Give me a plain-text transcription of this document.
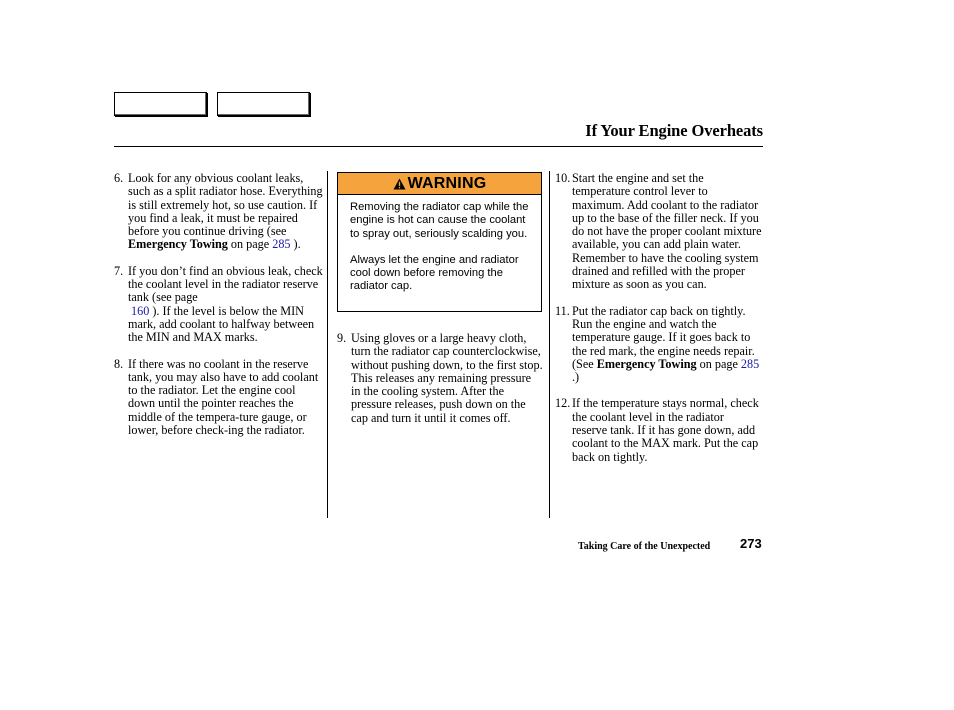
If Your Engine Overheats
6. Look for any obvious coolant leaks, such as a split radiator hose. Everything is still extremely hot, so use caution. If you find a leak, it must be repaired before you continue driving (see Emergency Towing on page 285 ).
7. If you don’t find an obvious leak, check the coolant level in the radiator reserve tank (see page
160 ). If the level is below the MIN mark, add coolant to halfway between the MIN and MAX marks.
8. If there was no coolant in the reserve tank, you may also have to add coolant to the radiator. Let the engine cool down until the pointer reaches the middle of the tempera-ture gauge, or lower, before check-ing the radiator.
WARNING

Removing the radiator cap while the engine is hot can cause the coolant to spray out, seriously scalding you.

Always let the engine and radiator cool down before removing the radiator cap.

9. Using gloves or a large heavy cloth, turn the radiator cap counterclockwise, without pushing down, to the first stop. This releases any remaining pressure in the cooling system. After the pressure releases, push down on the cap and turn it until it comes off.
10. Start the engine and set the temperature control lever to maximum. Add coolant to the radiator up to the base of the filler neck. If you do not have the proper coolant mixture available, you can add plain water. Remember to have the cooling system drained and refilled with the proper mixture as soon as you can.
11. Put the radiator cap back on tightly. Run the engine and watch the temperature gauge. If it goes back to the red mark, the engine needs repair. (See Emergency Towing on page 285 .)
12. If the temperature stays normal, check the coolant level in the radiator reserve tank. If it has gone down, add coolant to the MAX mark. Put the cap back on tightly.
Taking Care of the Unexpected 273
